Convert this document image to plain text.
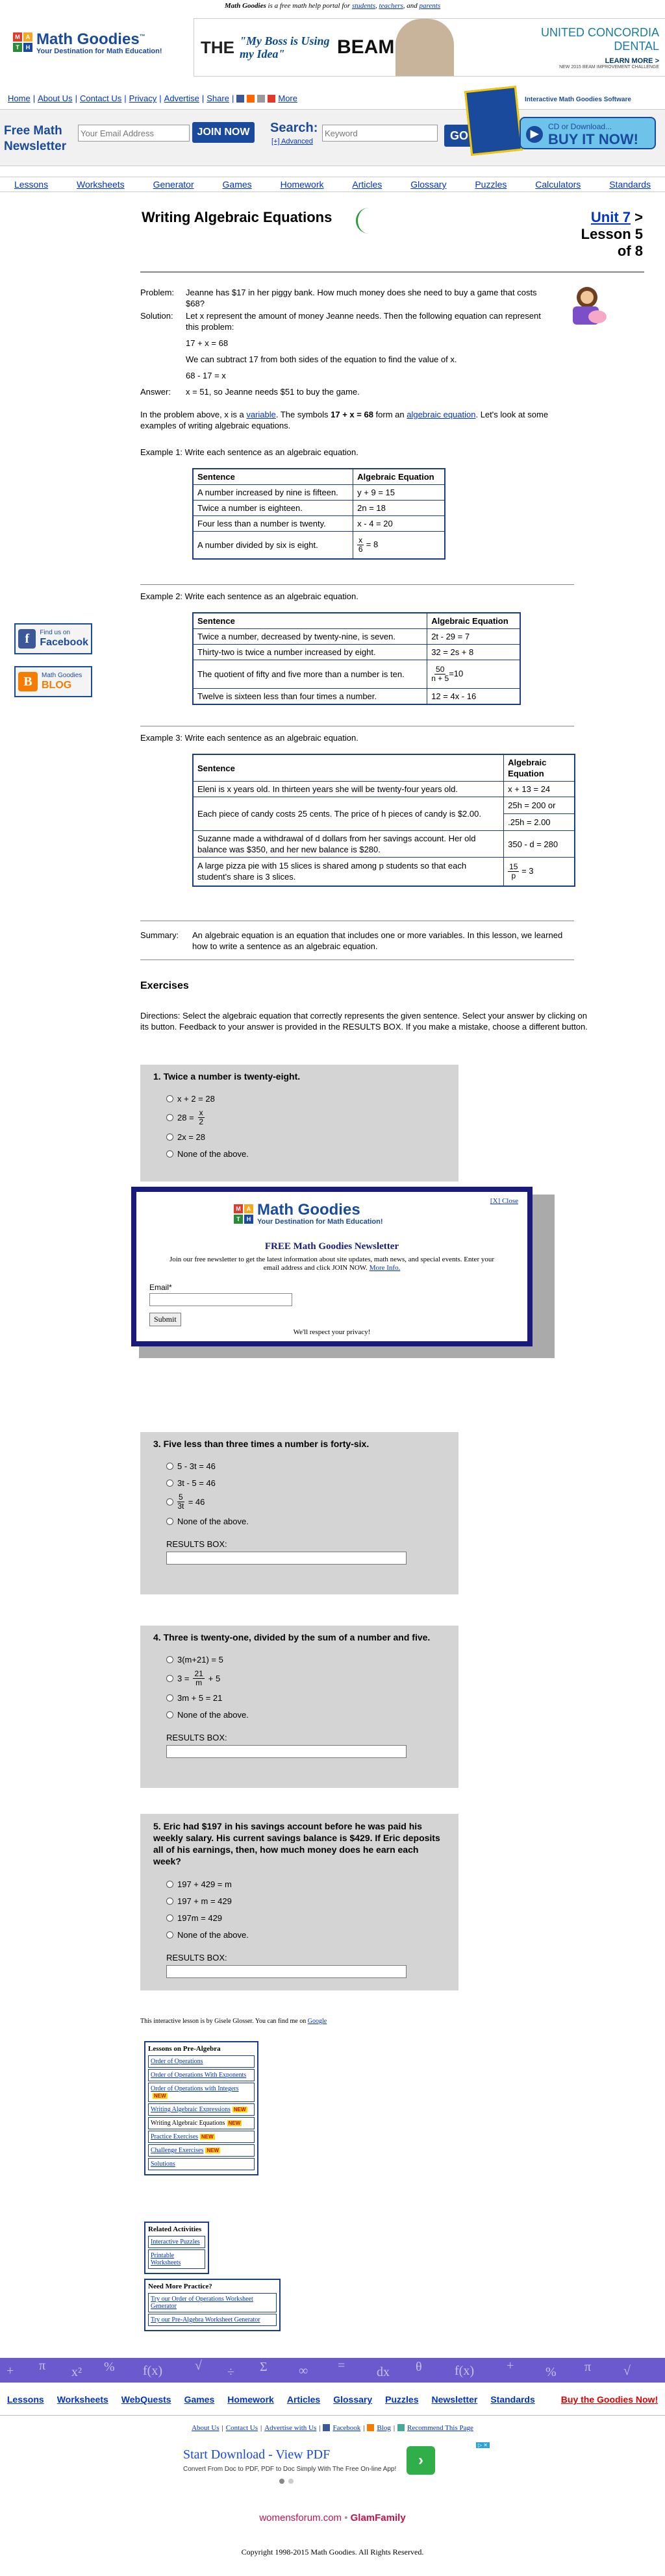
Math Goodies is a free math help portal for students, teachers, and parents
M	A
T	H Math Goodies™
Your Destination for Math Education! THE "My Boss is Using my Idea"	BEAM
UNITED CONCORDIA
DENTAL
LEARN MORE >
NEW 2015 BEAM IMPROVEMENT CHALLENGE
Home | About Us | Contact Us | Privacy | Advertise | Share |	More
Free Math
Newsletter
Your Email Address
JOIN NOW	Search:
[+] Advanced
Keyword	GO
Interactive Math Goodies Software
▶
CD or Download...
BUY IT NOW!
Lessons	Worksheets	Generator	Games	Homework	Articles	Glossary	Puzzles	Calculators	Standards
Writing Algebraic Equations	Unit 7 >
Lesson 5
of 8
Problem:	Jeanne has $17 in her piggy bank. How much money does she need to buy a game that costs $68?
Solution:	Let x represent the amount of money Jeanne needs. Then the following equation can represent this problem:
17 + x = 68
We can subtract 17 from both sides of the equation to find the value of x.
68 - 17 = x
Answer:	x = 51, so Jeanne needs $51 to buy the game.
In the problem above, x is a variable. The symbols 17 + x = 68 form an algebraic equation. Let's look at some examples of writing algebraic equations.
Example 1: Write each sentence as an algebraic equation.
Sentence	Algebraic Equation
A number increased by nine is fifteen.	y + 9 = 15
Twice a number is eighteen.	2n = 18
Four less than a number is twenty.	x - 4 = 20
A number divided by six is eight.	$\frac{x}{6} = 8$
Example 2: Write each sentence as an algebraic equation.
Sentence	Algebraic Equation
Twice a number, decreased by twenty-nine, is seven.	2t - 29 = 7
Thirty-two is twice a number increased by eight.	32 = 2s + 8
The quotient of fifty and five more than a number is ten.	$\frac{50}{n + 5} =10$
Twelve is sixteen less than four times a number.	12 = 4x - 16
Example 3: Write each sentence as an algebraic equation.
Sentence	Algebraic Equation
Eleni is x years old. In thirteen years she will be twenty-four years old.	x + 13 = 24
Each piece of candy costs 25 cents. The price of h pieces of candy is $2.00.	25h = 200 or
.25h = 2.00

Suzanne made a withdrawal of d dollars from her savings account. Her old balance was $350, and her new balance is $280.	350 - d = 280
A large pizza pie with 15 slices is shared among p students so that each student's share is 3 slices.	$\frac{15}{p} = 3$
Summary:	An algebraic equation is an equation that includes one or more variables. In this lesson, we learned how to write a sentence as an algebraic equation.
Exercises
Directions: Select the algebraic equation that correctly represents the given sentence. Select your answer by clicking on its button. Feedback to your answer is provided in the RESULTS BOX. If you make a mistake, choose a different button.
1. Twice a number is twenty-eight.
x + 2 = 28
$28 = \frac{x}{2}$
2x = 28
None of the above.
[X] Close
M	A
T	H
Math Goodies
Your Destination for Math Education!
FREE Math Goodies Newsletter
Join our free newsletter to get the latest information about site updates, math news, and special events. Enter your email address and click JOIN NOW. More Info.
Email*
Submit
We'll respect your privacy!
3. Five less than three times a number is forty-six.
5 - 3t = 46
3t - 5 = 46
$\frac{5}{3t} = 46$
None of the above.
RESULTS BOX:
4. Three is twenty-one, divided by the sum of a number and five.
3(m+21) = 5
$3 = \frac{21}{m} + 5$
3m + 5 = 21
None of the above.
RESULTS BOX:
5. Eric had $197 in his savings account before he was paid his weekly salary. His current savings balance is $429. If Eric deposits all of his earnings, then, how much money does he earn each week?
197 + 429 = m
197 + m = 429
197m = 429
None of the above.
RESULTS BOX:
f	Find us on
Facebook
B	Math Goodies
BLOG
This interactive lesson is by Gisele Glosser. You can find me on Google
Lessons on Pre-Algebra
Order of Operations
Order of Operations With Exponents
Order of Operations with IntegersNEW
Writing Algebraic Expressions NEW
Writing Algebraic Equations NEW
Practice Exercises NEW
Challenge Exercises NEW
Solutions
Related Activities
Interactive Puzzles
Printable Worksheets
Need More Practice?
Try our Order of Operations Worksheet Generator
Try our Pre-Algebra Worksheet Generator
+ π x² % f(x)	√ ÷ Σ ∞ = dx θ	f(x)	+ % π √
Lessons Worksheets WebQuests Games Homework Articles Glossary Puzzles Newsletter Standards	Buy the Goodies Now!
About Us | Contact Us | Advertise with Us | Facebook | Blog | Recommend This Page
▷ ✕
Start Download - View PDF
Convert From Doc to PDF, PDF to Doc Simply With The Free On-line App!
›
womensforum.com • GlamFamily
Copyright 1998-2015 Math Goodies. All Rights Reserved.
